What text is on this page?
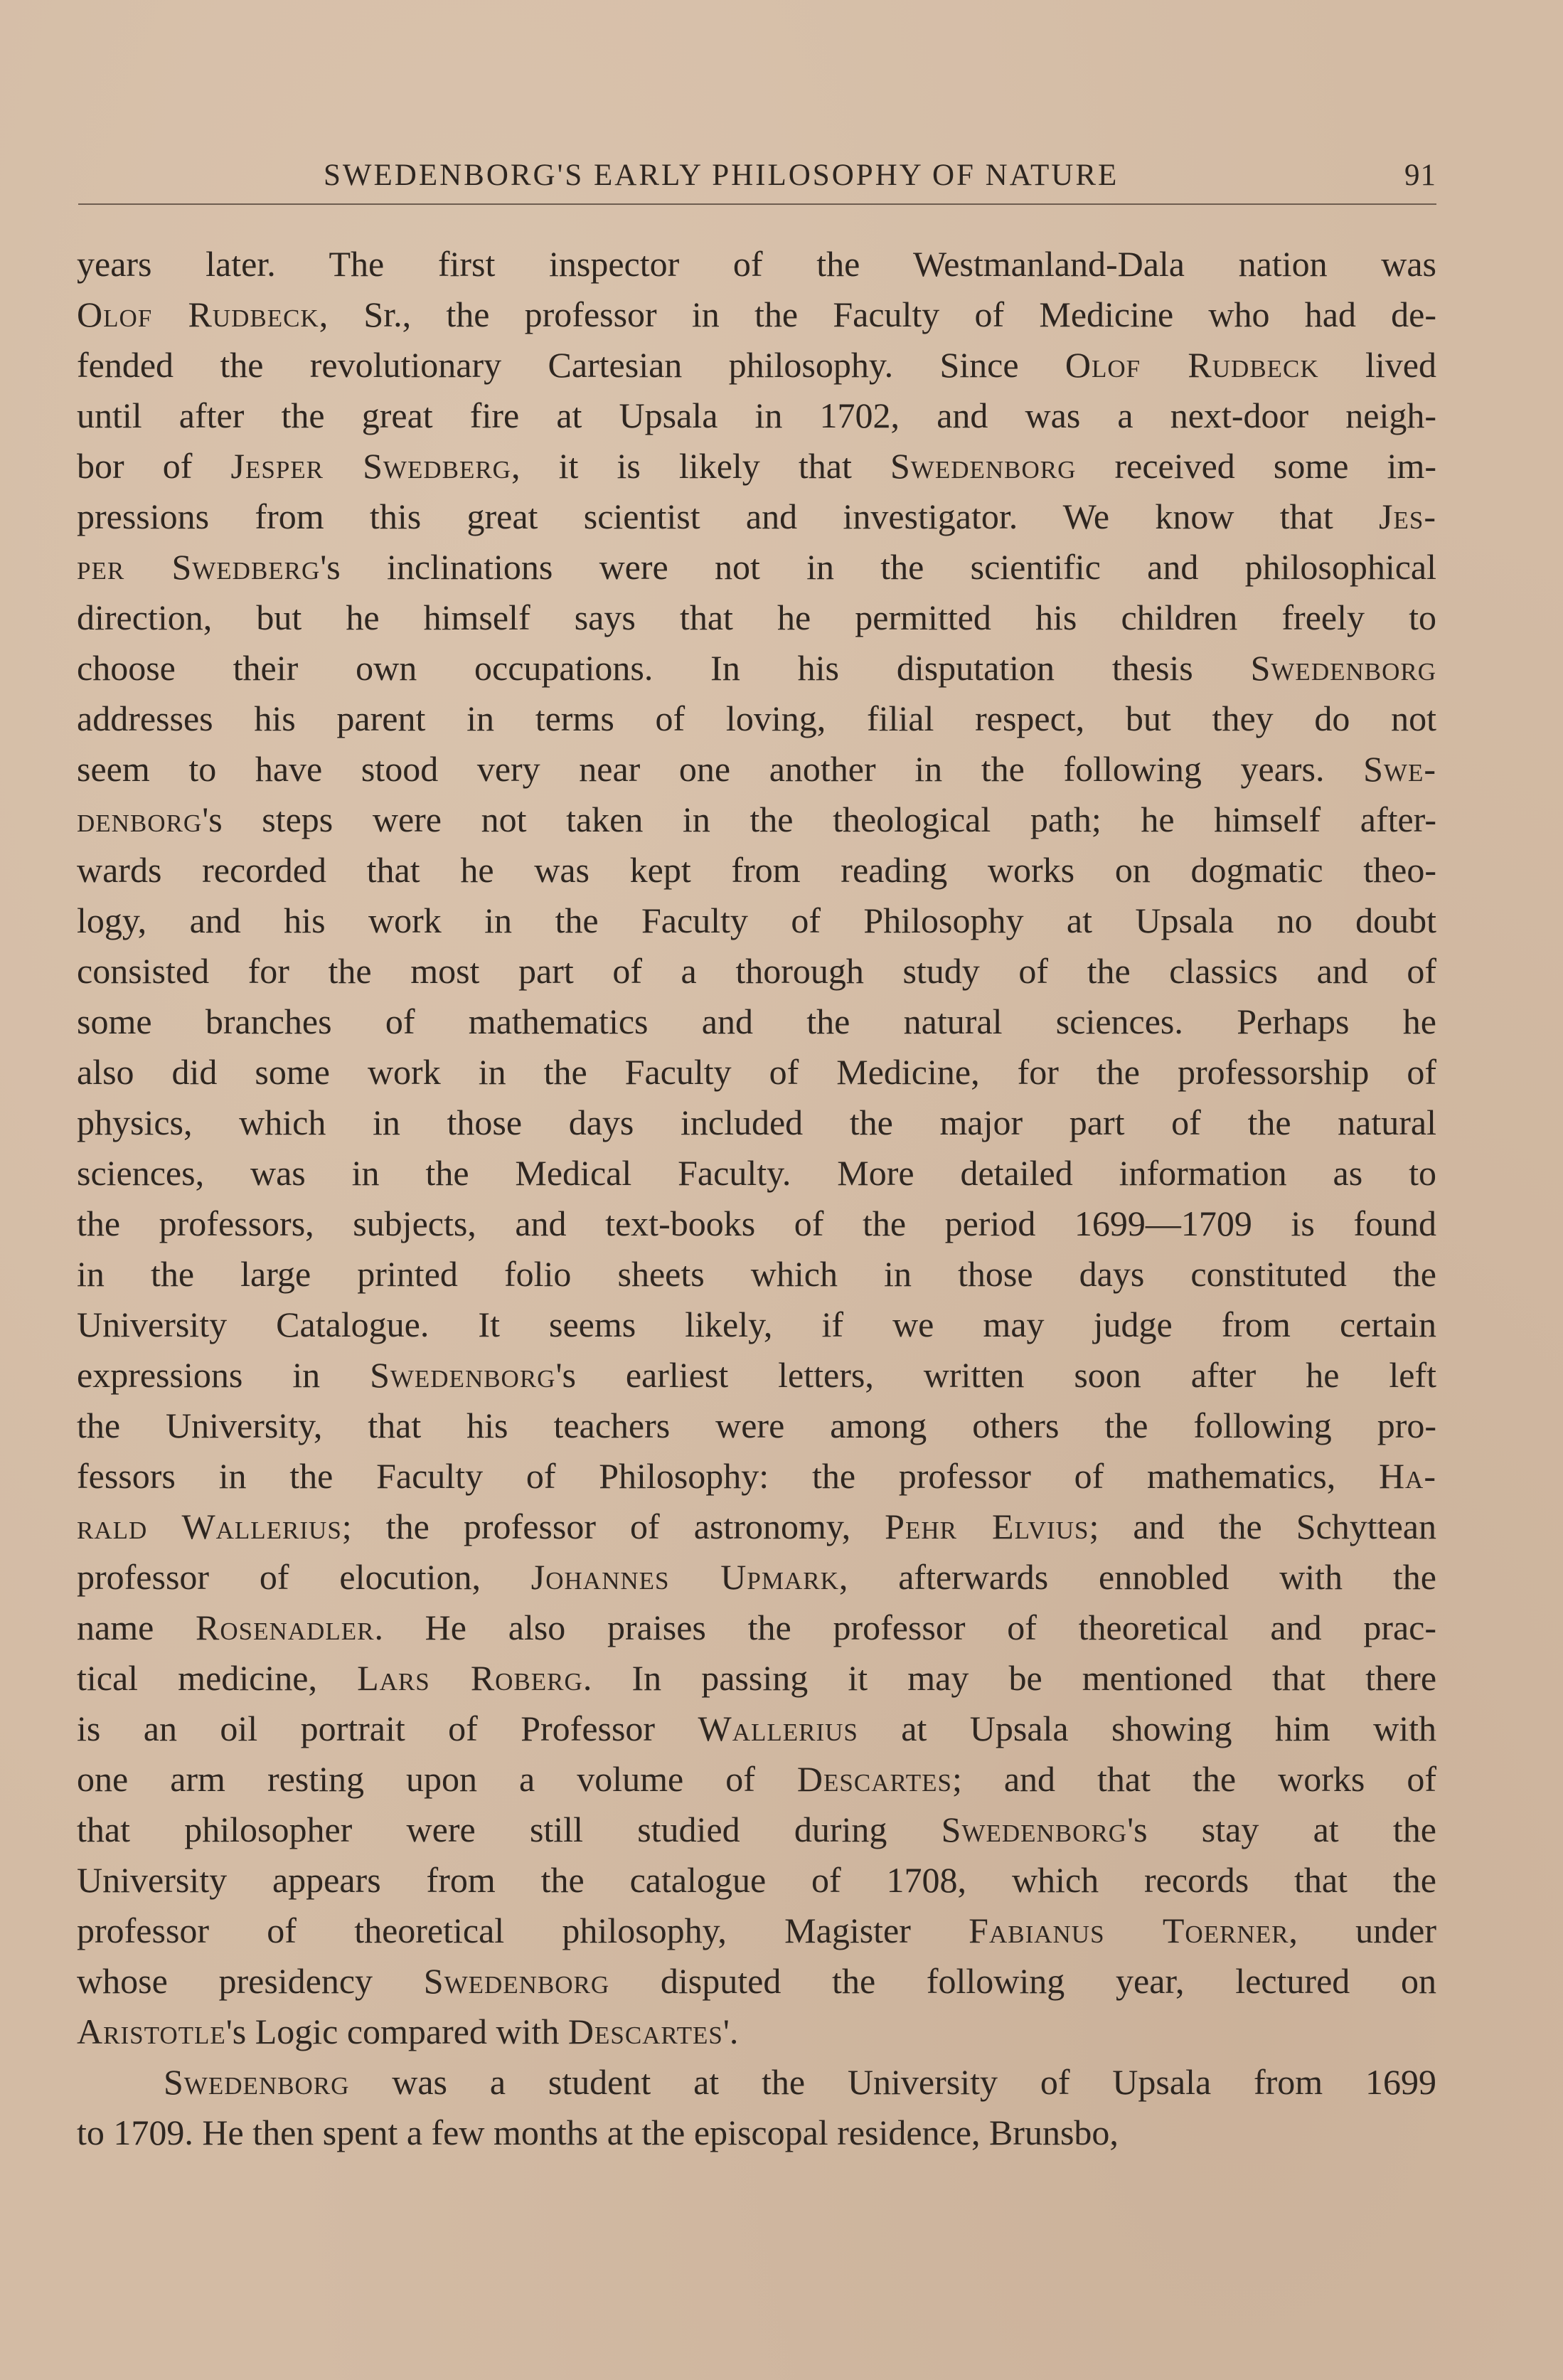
SWEDENBORG'S EARLY PHILOSOPHY OF NATURE	91
years later. The first inspector of the Westmanland-Dala nation was
Olof Rudbeck, Sr., the professor in the Faculty of Medicine who had de-
fended the revolutionary Cartesian philosophy. Since Olof Rudbeck lived
until after the great fire at Upsala in 1702, and was a next-door neigh-
bor of Jesper Swedberg, it is likely that Swedenborg received some im-
pressions from this great scientist and investigator. We know that Jes-
per Swedberg's inclinations were not in the scientific and philosophical
direction, but he himself says that he permitted his children freely to
choose their own occupations. In his disputation thesis Swedenborg
addresses his parent in terms of loving, filial respect, but they do not
seem to have stood very near one another in the following years. Swe-
denborg's steps were not taken in the theological path; he himself after-
wards recorded that he was kept from reading works on dogmatic theo-
logy, and his work in the Faculty of Philosophy at Upsala no doubt
consisted for the most part of a thorough study of the classics and of
some branches of mathematics and the natural sciences. Perhaps he
also did some work in the Faculty of Medicine, for the professorship of
physics, which in those days included the major part of the natural
sciences, was in the Medical Faculty. More detailed information as to
the professors, subjects, and text-books of the period 1699—1709 is found
in the large printed folio sheets which in those days constituted the
University Catalogue. It seems likely, if we may judge from certain
expressions in Swedenborg's earliest letters, written soon after he left
the University, that his teachers were among others the following pro-
fessors in the Faculty of Philosophy: the professor of mathematics, Ha-
rald Wallerius; the professor of astronomy, Pehr Elvius; and the Schyttean
professor of elocution, Johannes Upmark, afterwards ennobled with the
name Rosenadler. He also praises the professor of theoretical and prac-
tical medicine, Lars Roberg. In passing it may be mentioned that there
is an oil portrait of Professor Wallerius at Upsala showing him with
one arm resting upon a volume of Descartes; and that the works of
that philosopher were still studied during Swedenborg's stay at the
University appears from the catalogue of 1708, which records that the
professor of theoretical philosophy, Magister Fabianus Toerner, under
whose presidency Swedenborg disputed the following year, lectured on
Aristotle's Logic compared with Descartes'.
Swedenborg was a student at the University of Upsala from 1699
to 1709. He then spent a few months at the episcopal residence, Brunsbo,
